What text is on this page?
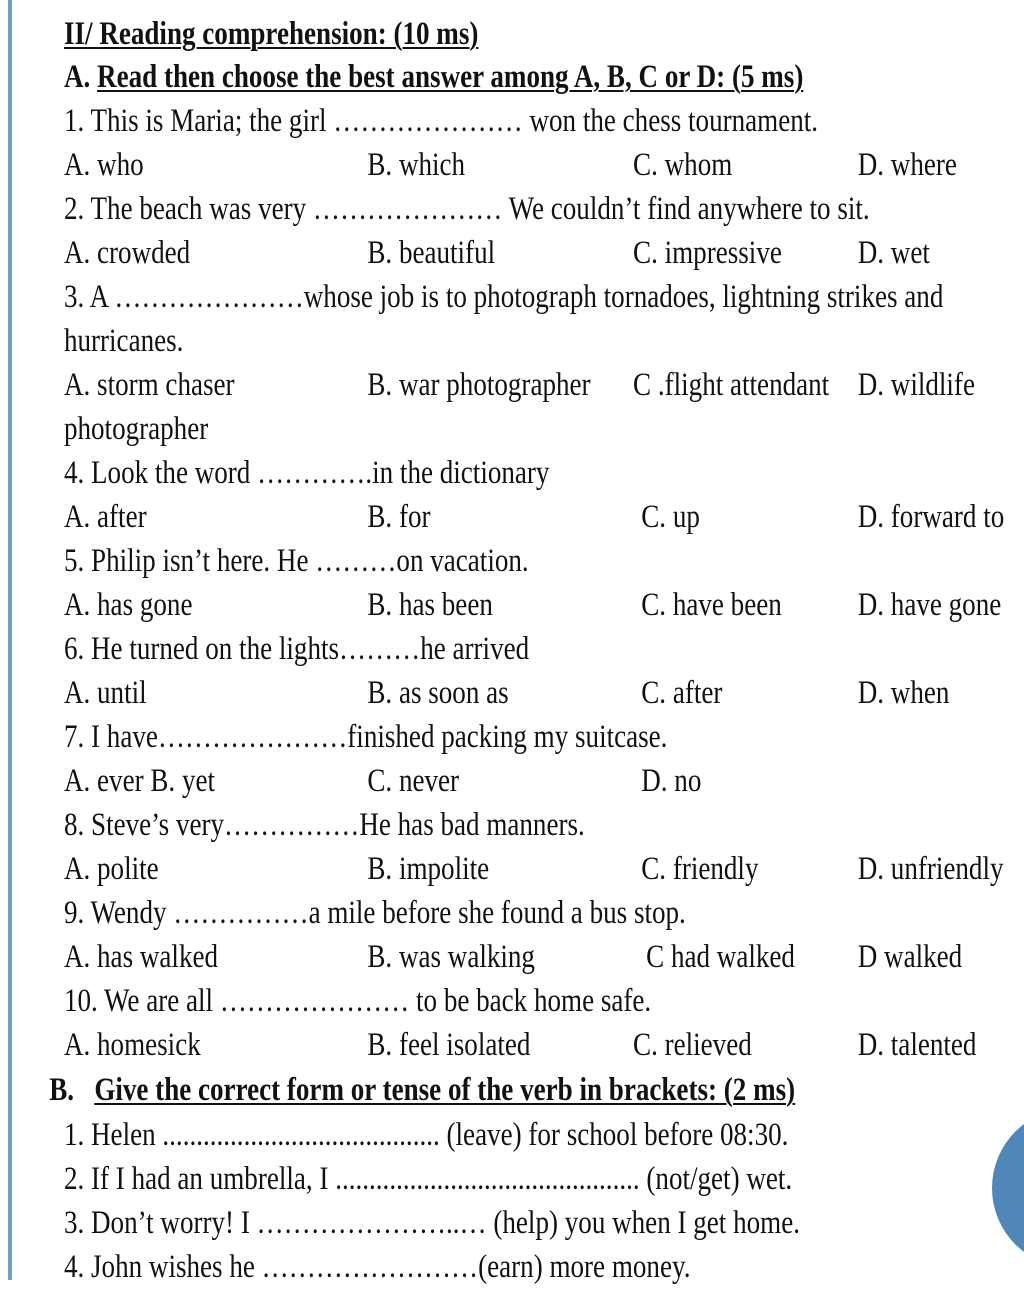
II/ Reading comprehension: (10 ms)
A. Read then choose the best answer among A, B, C or D: (5 ms)
1. This is Maria; the girl ………………… won the chess tournament.
A. who	B. which	C. whom	D. where
2. The beach was very ………………… We couldn’t find anywhere to sit.
A. crowded	B. beautiful	C. impressive D. wet
3. A …………………whose job is to photograph tornadoes, lightning strikes and
hurricanes.
A. storm chaser	B. war photographer C .flight attendant D. wildlife
photographer
4. Look the word ………….in the dictionary
A. after	B. for	C. up	D. forward to
5. Philip isn’t here. He ………on vacation.
A. has gone	B. has been	C. have been D. have gone
6. He turned on the lights………he arrived
A. until	B. as soon as	C. after	D. when
7. I have…………………finished packing my suitcase.
A. ever B. yet	C. never	D. no
8. Steve’s very……………He has bad manners.
A. polite	B. impolite	C. friendly	D. unfriendly
9. Wendy ……………a mile before she found a bus stop.
A. has walked	B. was walking	C had walked D walked
10. We are all ………………… to be back home safe.
A. homesick	B. feel isolated	C. relieved	D. talented
B. Give the correct form or tense of the verb in brackets: (2 ms)
1. Helen ......................................... (leave) for school before 08:30.
2. If I had an umbrella, I ............................................. (not/get) wet.
3. Don’t worry! I …………………..… (help) you when I get home.
4. John wishes he ……………………(earn) more money.
